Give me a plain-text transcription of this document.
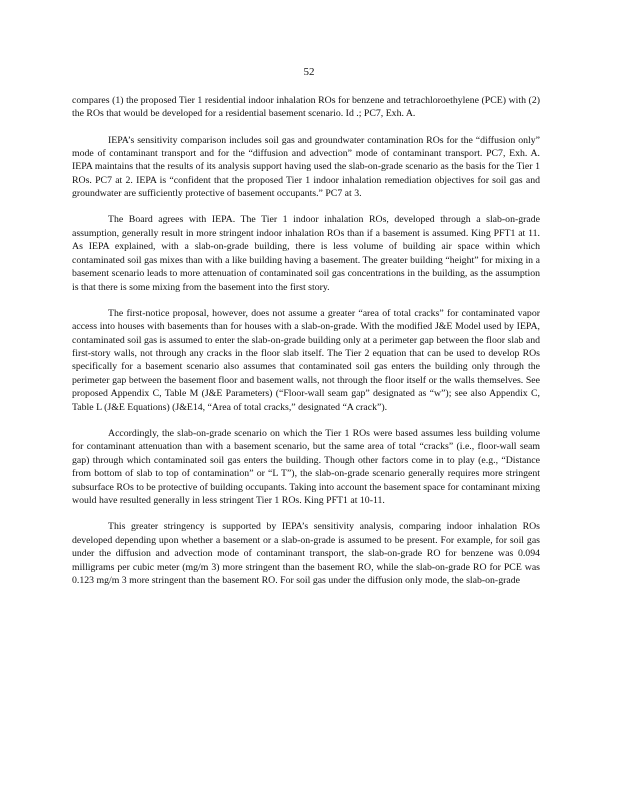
52

compares (1) the proposed Tier 1 residential indoor inhalation ROs for benzene and tetrachloroethylene (PCE) with (2) the ROs that would be developed for a residential basement scenario. Id .; PC7, Exh. A.

IEPA’s sensitivity comparison includes soil gas and groundwater contamination ROs for the “diffusion only” mode of contaminant transport and for the “diffusion and advection” mode of contaminant transport. PC7, Exh. A. IEPA maintains that the results of its analysis support having used the slab-on-grade scenario as the basis for the Tier 1 ROs. PC7 at 2. IEPA is “confident that the proposed Tier 1 indoor inhalation remediation objectives for soil gas and groundwater are sufficiently protective of basement occupants.” PC7 at 3.

The Board agrees with IEPA. The Tier 1 indoor inhalation ROs, developed through a slab-on-grade assumption, generally result in more stringent indoor inhalation ROs than if a basement is assumed. King PFT1 at 11. As IEPA explained, with a slab-on-grade building, there is less volume of building air space within which contaminated soil gas mixes than with a like building having a basement. The greater building “height” for mixing in a basement scenario leads to more attenuation of contaminated soil gas concentrations in the building, as the assumption is that there is some mixing from the basement into the first story.

The first-notice proposal, however, does not assume a greater “area of total cracks” for contaminated vapor access into houses with basements than for houses with a slab-on-grade. With the modified J&E Model used by IEPA, contaminated soil gas is assumed to enter the slab-on-grade building only at a perimeter gap between the floor slab and first-story walls, not through any cracks in the floor slab itself. The Tier 2 equation that can be used to develop ROs specifically for a basement scenario also assumes that contaminated soil gas enters the building only through the perimeter gap between the basement floor and basement walls, not through the floor itself or the walls themselves. See proposed Appendix C, Table M (J&E Parameters) (“Floor-wall seam gap” designated as “w”); see also Appendix C, Table L (J&E Equations) (J&E14, “Area of total cracks,” designated “A crack”).

Accordingly, the slab-on-grade scenario on which the Tier 1 ROs were based assumes less building volume for contaminant attenuation than with a basement scenario, but the same area of total “cracks” (i.e., floor-wall seam gap) through which contaminated soil gas enters the building. Though other factors come in to play (e.g., “Distance from bottom of slab to top of contamination” or “L T”), the slab-on-grade scenario generally requires more stringent subsurface ROs to be protective of building occupants. Taking into account the basement space for contaminant mixing would have resulted generally in less stringent Tier 1 ROs. King PFT1 at 10-11.

This greater stringency is supported by IEPA’s sensitivity analysis, comparing indoor inhalation ROs developed depending upon whether a basement or a slab-on-grade is assumed to be present. For example, for soil gas under the diffusion and advection mode of contaminant transport, the slab-on-grade RO for benzene was 0.094 milligrams per cubic meter (mg/m 3) more stringent than the basement RO, while the slab-on-grade RO for PCE was 0.123 mg/m 3 more stringent than the basement RO. For soil gas under the diffusion only mode, the slab-on-grade
